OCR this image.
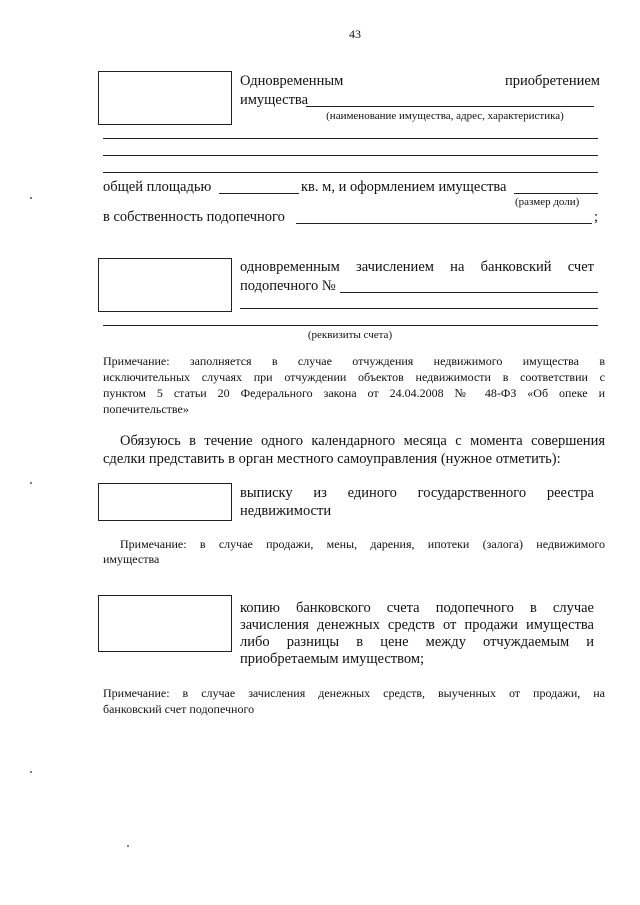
43
Одновременным	приобретением
имущества
(наименование имущества, адрес, характеристика)
общей площадью	кв. м, и оформлением имущества
(размер доли)
в собственность подопечного	;
одновременным зачислением на банковский счет
подопечного №
(реквизиты счета)
Примечание: заполняется в случае отчуждения недвижимого имущества в
исключительных случаях при отчуждении объектов недвижимости в соответствии с
пунктом 5 статьи 20 Федерального закона от 24.04.2008 № 48-ФЗ «Об опеке и
попечительстве»
Обязуюсь в течение одного календарного месяца с момента совершения
сделки представить в орган местного самоуправления (нужное отметить):
выписку из единого государственного реестра
недвижимости
Примечание: в случае продажи, мены, дарения, ипотеки (залога) недвижимого
имущества
копию банковского счета подопечного в случае
зачисления денежных средств от продажи имущества
либо разницы в цене между отчуждаемым и
приобретаемым имуществом;
Примечание: в случае зачисления денежных средств, выученных от продажи, на
банковский счет подопечного
